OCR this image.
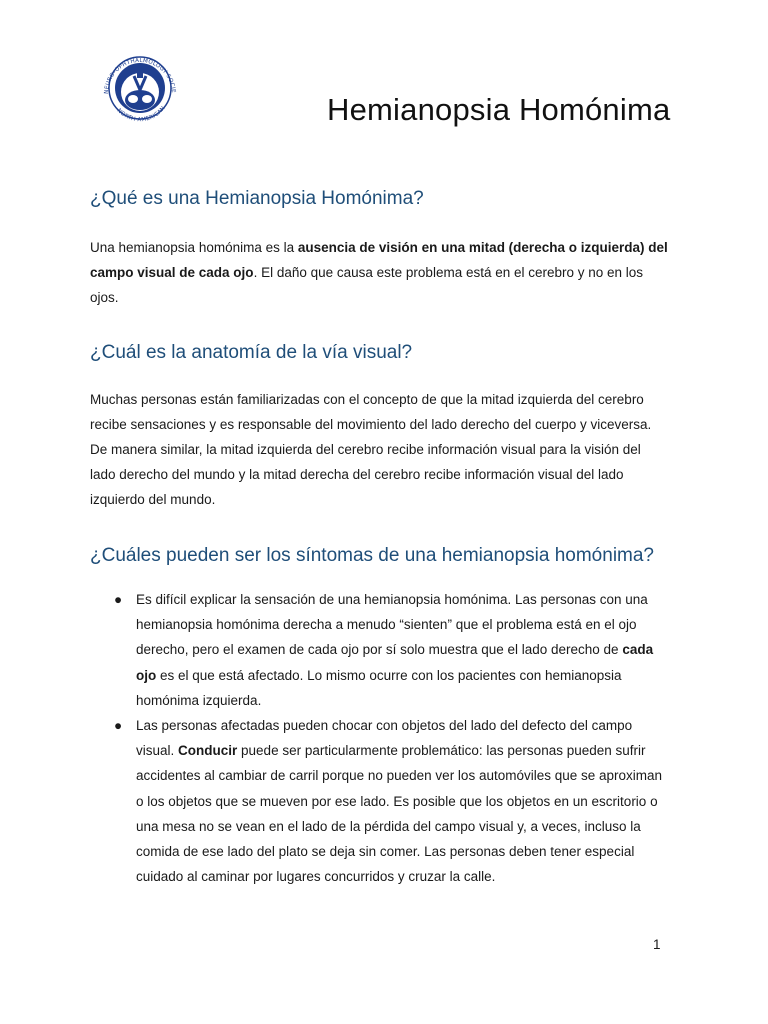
NEURO-OPHTHALMOLOGY SOCIE
NORTH AMERICAN	Hemianopsia Homónima
¿Qué es una Hemianopsia Homónima?

Una hemianopsia homónima es la ausencia de visión en una mitad (derecha o izquierda) del campo visual de cada ojo. El daño que causa este problema está en el cerebro y no en los ojos.

¿Cuál es la anatomía de la vía visual?

Muchas personas están familiarizadas con el concepto de que la mitad izquierda del cerebro recibe sensaciones y es responsable del movimiento del lado derecho del cuerpo y viceversa. De manera similar, la mitad izquierda del cerebro recibe información visual para la visión del lado derecho del mundo y la mitad derecha del cerebro recibe información visual del lado izquierdo del mundo.

¿Cuáles pueden ser los síntomas de una hemianopsia homónima?
● Es difícil explicar la sensación de una hemianopsia homónima. Las personas con una hemianopsia homónima derecha a menudo “sienten” que el problema está en el ojo derecho, pero el examen de cada ojo por sí solo muestra que el lado derecho de cada ojo es el que está afectado. Lo mismo ocurre con los pacientes con hemianopsia homónima izquierda.
● Las personas afectadas pueden chocar con objetos del lado del defecto del campo visual. Conducir puede ser particularmente problemático: las personas pueden sufrir accidentes al cambiar de carril porque no pueden ver los automóviles que se aproximan o los objetos que se mueven por ese lado. Es posible que los objetos en un escritorio o una mesa no se vean en el lado de la pérdida del campo visual y, a veces, incluso la comida de ese lado del plato se deja sin comer. Las personas deben tener especial cuidado al caminar por lugares concurridos y cruzar la calle.
1
